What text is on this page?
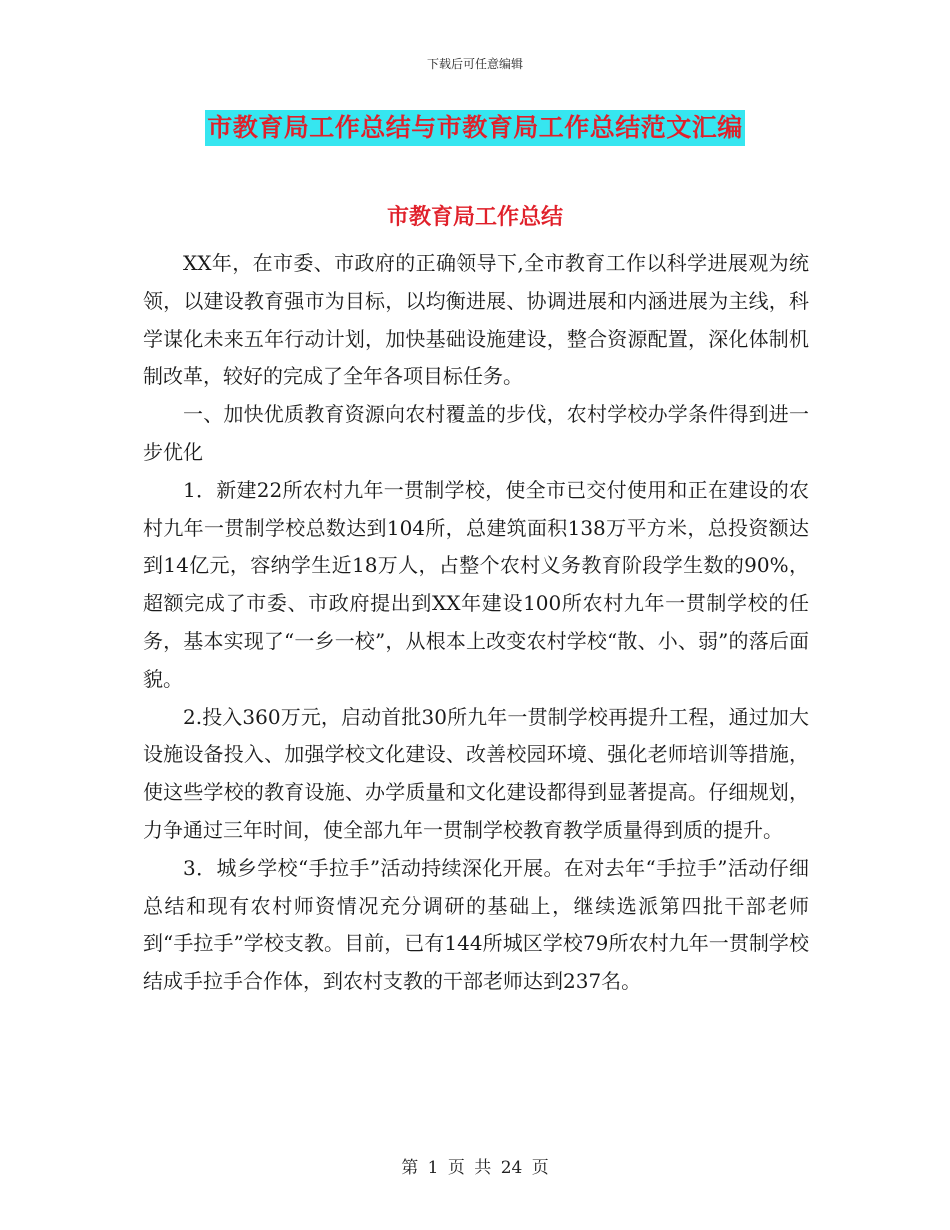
下载后可任意编辑
市教育局工作总结与市教育局工作总结范文汇编
市教育局工作总结

XX年，在市委、市政府的正确领导下,全市教育工作以科学进展观为统领，以建设教育强市为目标，以均衡进展、协调进展和内涵进展为主线，科学谋化未来五年行动计划，加快基础设施建设，整合资源配置，深化体制机制改革，较好的完成了全年各项目标任务。

一、加快优质教育资源向农村覆盖的步伐，农村学校办学条件得到进一步优化

1．新建22所农村九年一贯制学校，使全市已交付使用和正在建设的农村九年一贯制学校总数达到104所，总建筑面积138万平方米，总投资额达到14亿元，容纳学生近18万人，占整个农村义务教育阶段学生数的90%，超额完成了市委、市政府提出到XX年建设100所农村九年一贯制学校的任务，基本实现了“一乡一校”，从根本上改变农村学校“散、小、弱”的落后面貌。

2.投入360万元，启动首批30所九年一贯制学校再提升工程，通过加大设施设备投入、加强学校文化建设、改善校园环境、强化老师培训等措施，使这些学校的教育设施、办学质量和文化建设都得到显著提高。仔细规划，力争通过三年时间，使全部九年一贯制学校教育教学质量得到质的提升。

3．城乡学校“手拉手”活动持续深化开展。在对去年“手拉手”活动仔细总结和现有农村师资情况充分调研的基础上，继续选派第四批干部老师到“手拉手”学校支教。目前，已有144所城区学校79所农村九年一贯制学校结成手拉手合作体，到农村支教的干部老师达到237名。

第 1 页 共 24 页
